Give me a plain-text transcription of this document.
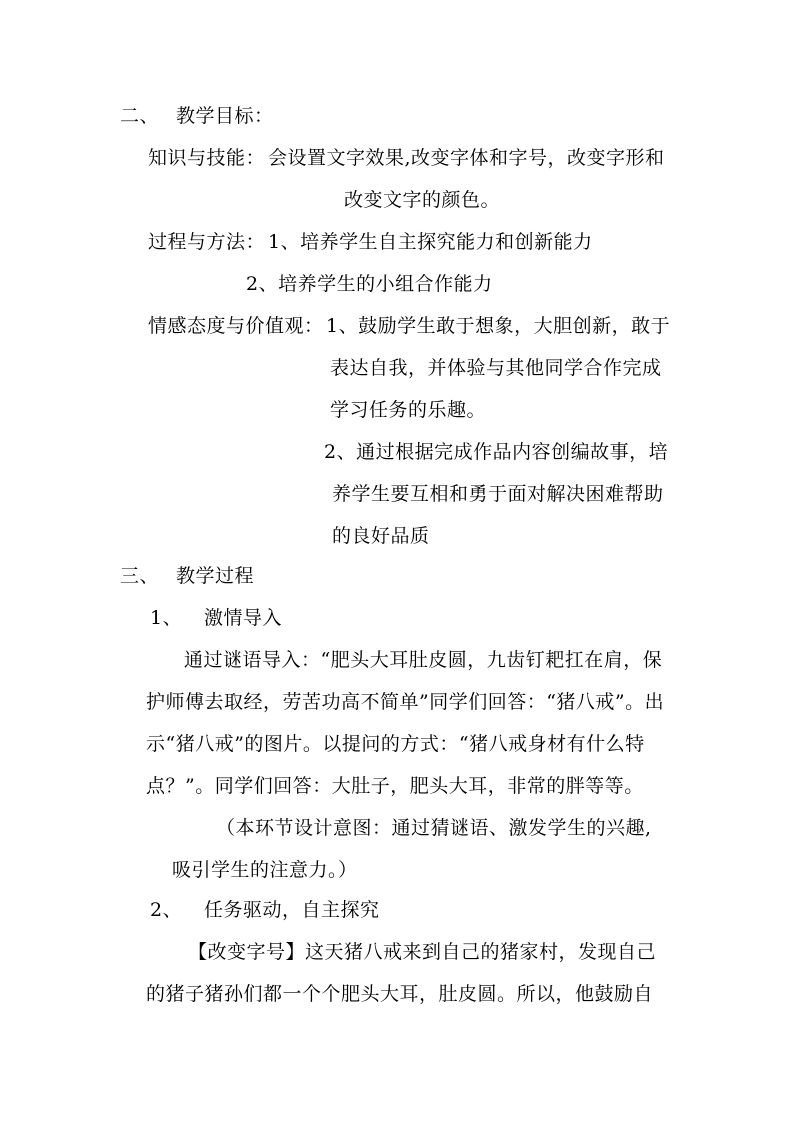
二、 教学目标：
知识与技能： 会设置文字效果,改变字体和字号，改变字形和
改变文字的颜色。
过程与方法： 1、培养学生自主探究能力和创新能力
2、培养学生的小组合作能力
情感态度与价值观： 1、鼓励学生敢于想象，大胆创新，敢于
表达自我，并体验与其他同学合作完成
学习任务的乐趣。
2、通过根据完成作品内容创编故事，培
养学生要互相和勇于面对解决困难帮助
的良好品质
三、 教学过程
1、 激情导入
通过谜语导入：“肥头大耳肚皮圆，九齿钉耙扛在肩，保
护师傅去取经，劳苦功高不简单”同学们回答：“猪八戒”。出
示“猪八戒”的图片。以提问的方式：“猪八戒身材有什么特
点？”。同学们回答：大肚子，肥头大耳，非常的胖等等。
（本环节设计意图：通过猜谜语、激发学生的兴趣,
吸引学生的注意力。）
2、 任务驱动，自主探究
【改变字号】这天猪八戒来到自己的猪家村，发现自己
的猪子猪孙们都一个个肥头大耳，肚皮圆。所以，他鼓励自
